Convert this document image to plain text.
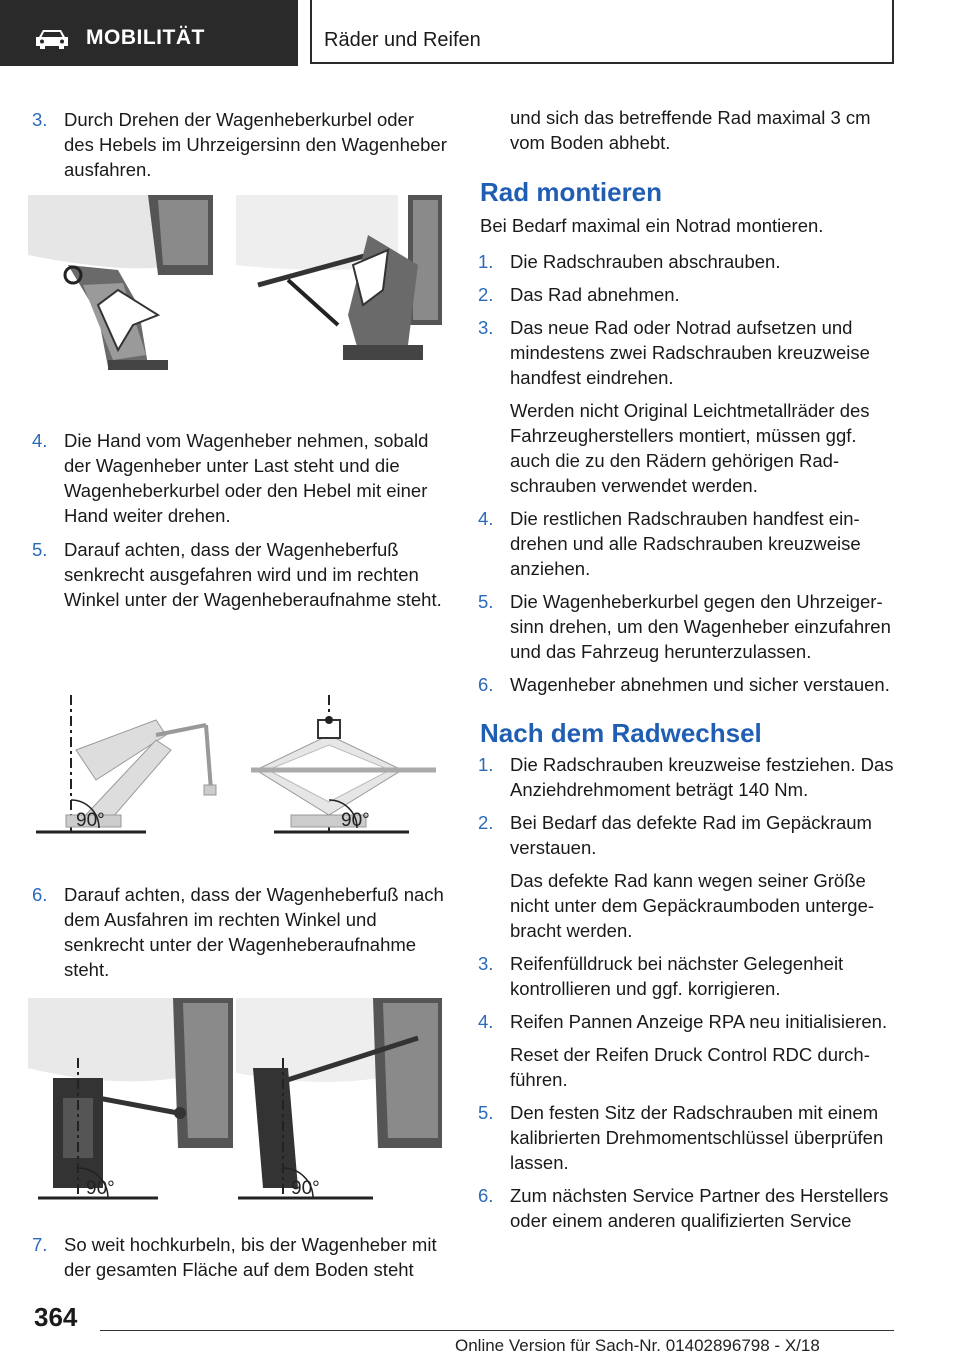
MOBILITÄT	Räder und Reifen

3. Durch Drehen der Wagenheberkurbel oder des Hebels im Uhrzeigersinn den Wagenheber ausfahren.

4. Die Hand vom Wagenheber nehmen, sobald der Wagenheber unter Last steht und die Wagenheberkurbel oder den Hebel mit einer Hand weiter drehen.

5. Darauf achten, dass der Wagenheberfuß senkrecht ausgefahren wird und im rechten Winkel unter der Wagenheberaufnahme steht.

90°	90°

6. Darauf achten, dass der Wagenheberfuß nach dem Ausfahren im rechten Winkel und senkrecht unter der Wagenheberaufnahme steht.

90°	90°

7. So weit hochkurbeln, bis der Wagenheber mit der gesamten Fläche auf dem Boden steht

und sich das betreffende Rad maximal 3 cm vom Boden abhebt.

Rad montieren

Bei Bedarf maximal ein Notrad montieren.

1. Die Radschrauben abschrauben.

2. Das Rad abnehmen.

3. Das neue Rad oder Notrad aufsetzen und mindestens zwei Radschrauben kreuzweise handfest eindrehen.

Werden nicht Original Leichtmetallräder des Fahrzeugherstellers montiert, müssen ggf. auch die zu den Rädern gehörigen Radschrauben verwendet werden.

4. Die restlichen Radschrauben handfest eindrehen und alle Radschrauben kreuzweise anziehen.

5. Die Wagenheberkurbel gegen den Uhrzeigersinn drehen, um den Wagenheber einzufahren und das Fahrzeug herunterzulassen.

6. Wagenheber abnehmen und sicher verstauen.

Nach dem Radwechsel

1. Die Radschrauben kreuzweise festziehen. Das Anziehdrehmoment beträgt 140 Nm.

2. Bei Bedarf das defekte Rad im Gepäckraum verstauen.

Das defekte Rad kann wegen seiner Größe nicht unter dem Gepäckraumboden untergebracht werden.

3. Reifenfülldruck bei nächster Gelegenheit kontrollieren und ggf. korrigieren.

4. Reifen Pannen Anzeige RPA neu initialisieren.

Reset der Reifen Druck Control RDC durchführen.

5. Den festen Sitz der Radschrauben mit einem kalibrierten Drehmomentschlüssel überprüfen lassen.

6. Zum nächsten Service Partner des Herstellers oder einem anderen qualifizierten Service

364
Online Version für Sach-Nr. 01402896798 - X/18
